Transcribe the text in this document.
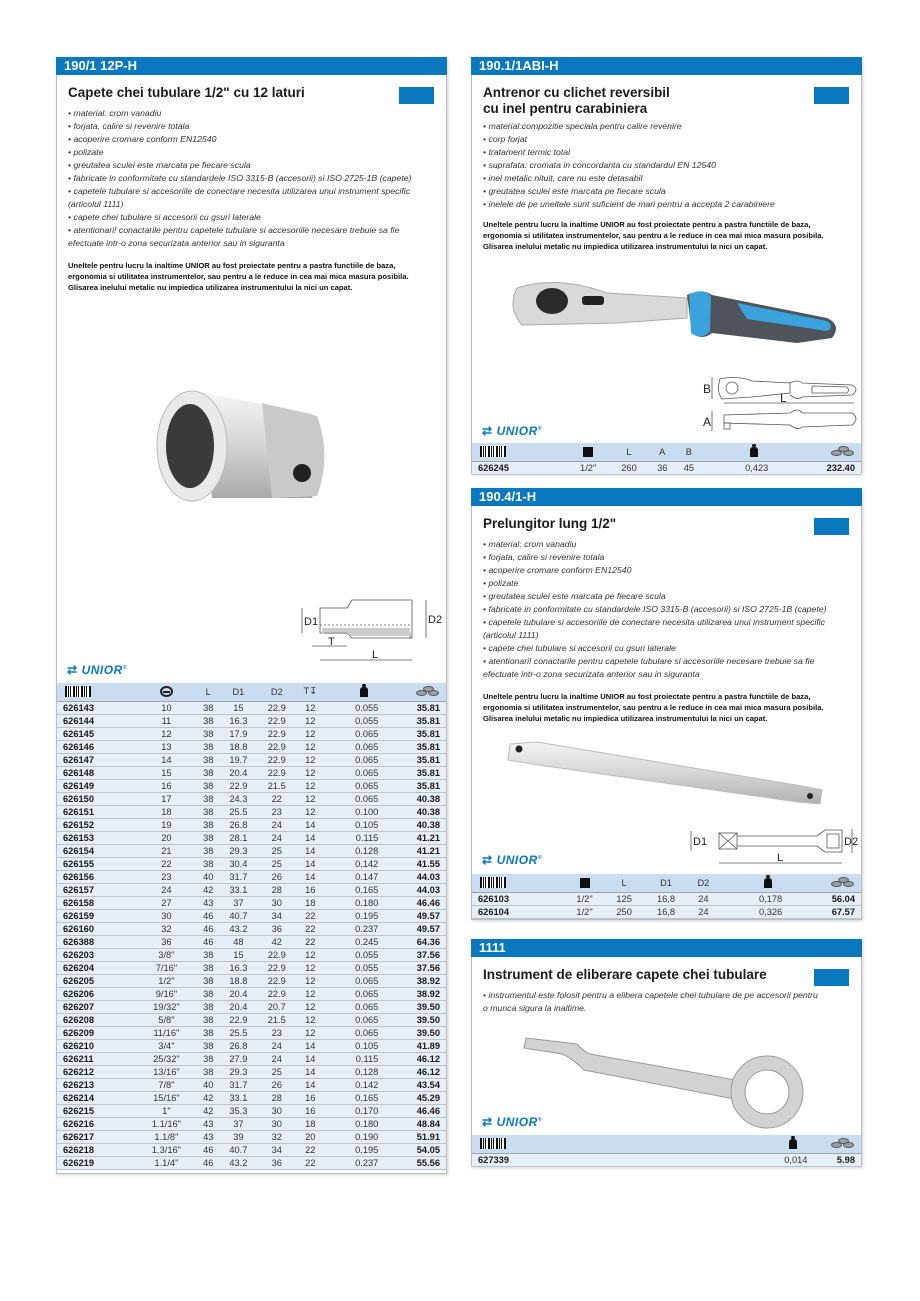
190/1 12P-H
Capete chei tubulare 1/2" cu 12 laturi
• material: crom vanadiu
• forjata, calire si revenire totala
• acoperire cromare conform EN12540
• polizate
• greutatea sculei este marcata pe fiecare scula
• fabricate in conformitate cu standardele ISO 3315-B (accesorii) si ISO 2725-1B (capete)
• capetele tubulare si accesoriile de conectare necesita utilizarea unui instrument specific (articolul 1111)
• capete chei tubulare si accesorii cu gsuri laterale
• atentionari! conactarile pentru capetele tubulare si accesoriile necesare trebuie sa fie efectuate intr-o zona securizata anterior sau in siguranta
Uneltele pentru lucru la inaltime UNIOR au fost proiectate pentru a pastra functiile de baza, ergonomia si utilitatea instrumentelor, sau pentru a le reduce in cea mai mica masura posibila.
Glisarea inelului metalic nu impiedica utilizarea instrumentului la nici un capat.
D1	D2
T
L
⇄ UNIOR®
		L	D1	D2	T↧		

626143	10	38	15	22.9	12	0.055	35.81
626144	11	38	16.3	22.9	12	0.055	35.81
626145	12	38	17.9	22.9	12	0.065	35.81
626146	13	38	18.8	22.9	12	0.065	35.81
626147	14	38	19.7	22.9	12	0.065	35.81
626148	15	38	20.4	22.9	12	0.065	35.81
626149	16	38	22.9	21.5	12	0.065	35.81
626150	17	38	24.3	22	12	0.065	40.38
626151	18	38	25.5	23	12	0.100	40.38
626152	19	38	26.8	24	14	0.105	40.38
626153	20	38	28.1	24	14	0.115	41.21
626154	21	38	29.3	25	14	0.128	41.21
626155	22	38	30.4	25	14	0.142	41.55
626156	23	40	31.7	26	14	0.147	44.03
626157	24	42	33.1	28	16	0.165	44.03
626158	27	43	37	30	18	0.180	46.46
626159	30	46	40.7	34	22	0.195	49.57
626160	32	46	43.2	36	22	0.237	49.57
626388	36	46	48	42	22	0.245	64.36
626203	3/8"	38	15	22.9	12	0.055	37.56
626204	7/16"	38	16.3	22.9	12	0.055	37.56
626205	1/2"	38	18.8	22.9	12	0.065	38.92
626206	9/16"	38	20.4	22.9	12	0.065	38.92
626207	19/32"	38	20.4	20.7	12	0.065	39.50
626208	5/8"	38	22.9	21.5	12	0.065	39.50
626209	11/16"	38	25.5	23	12	0.065	39.50
626210	3/4"	38	26.8	24	14	0.105	41.89
626211	25/32"	38	27.9	24	14	0.115	46.12
626212	13/16"	38	29.3	25	14	0.128	46.12
626213	7/8"	40	31.7	26	14	0.142	43.54
626214	15/16"	42	33.1	28	16	0.165	45.29
626215	1"	42	35.3	30	16	0.170	46.46
626216	1.1/16"	43	37	30	18	0.180	48.84
626217	1.1/8"	43	39	32	20	0.190	51.91
626218	1.3/16"	46	40.7	34	22	0.195	54.05
626219	1.1/4"	46	43.2	36	22	0.237	55.56
190.1/1ABI-H
Antrenor cu clichet reversibil
cu inel pentru carabiniera
• material:compozitie speciala pentru calire revenire
• corp forjat
• tratament termic total
• suprafata: cromata in concordanta cu standardul EN 12540
• inel metalic nituit, care nu este detasabil
• greutatea sculei este marcata pe fiecare scula
• inelele de pe uneltele sunt suficient de mari pentru a accepta 2 carabiniere
Uneltele pentru lucru la inaltime UNIOR au fost proiectate pentru a pastra functiile de baza, ergonomia si utilitatea instrumentelor, sau pentru a le reduce in cea mai mica masura posibila.
Glisarea inelului metalic nu impiedica utilizarea instrumentului la nici un capat.
B
L
A
⇄ UNIOR®
		L	A	B		

626245	1/2"	260	36	45	0,423	232.40
190.4/1-H
Prelungitor lung 1/2"
• material: crom vanadiu
• forjata, calire si revenire totala
• acoperire cromare conform EN12540
• polizate
• greutatea sculei este marcata pe fiecare scula
• fabricate in conformitate cu standardele ISO 3315-B (accesorii) si ISO 2725-1B (capete)
• capetele tubulare si accesoriile de conectare necesita utilizarea unui instrument specific (articolul 1111)
• capete chei tubulare si accesorii cu gsuri laterale
• atentionari! conactarile pentru capetele tubulare si accesoriile necesare trebuie sa fie efectuate intr-o zona securizata anterior sau in siguranta
Uneltele pentru lucru la inaltime UNIOR au fost proiectate pentru a pastra functiile de baza, ergonomia si utilitatea instrumentelor, sau pentru a le reduce in cea mai mica masura posibila.
Glisarea inelului metalic nu impiedica utilizarea instrumentului la nici un capat.
D1	D2
L
⇄ UNIOR®
		L	D1	D2		

626103	1/2"	125	16,8	24	0,178	56.04
626104	1/2"	250	16,8	24	0,326	67.57
1111
Instrument de eliberare capete chei tubulare
• instrumentul este folosit pentru a elibera capetele chei tubulare de pe accesorii pentru o munca sigura la inaltime.
⇄ UNIOR®

627339		0,014	5.98
